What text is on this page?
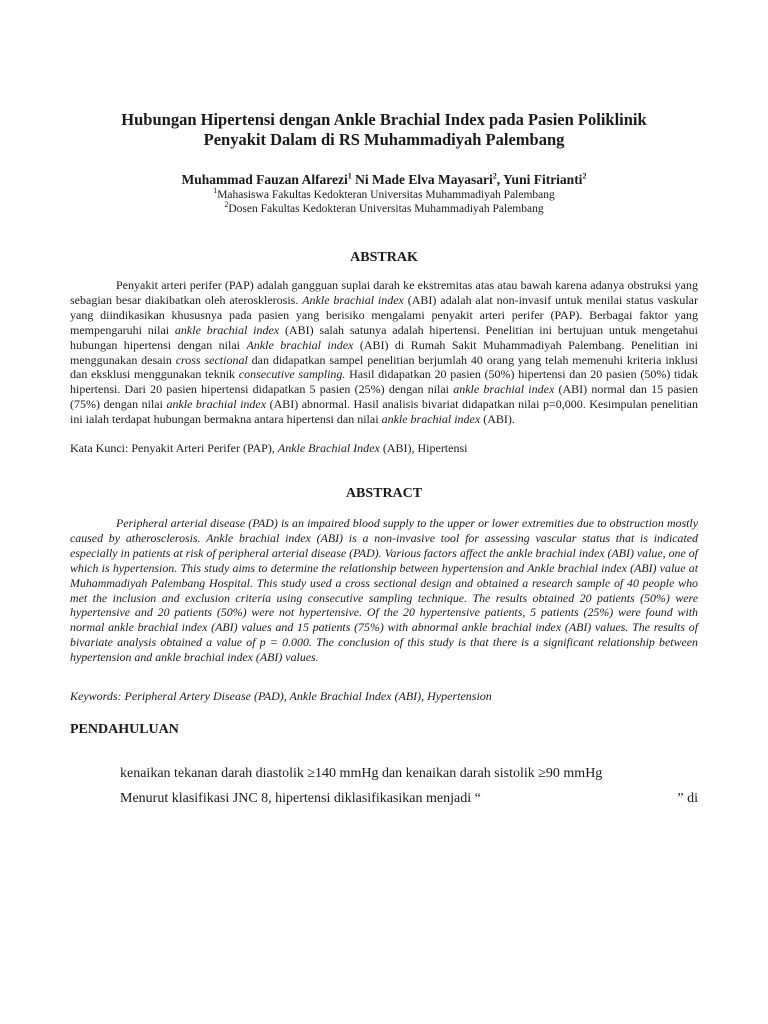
Hubungan Hipertensi dengan Ankle Brachial Index pada Pasien Poliklinik
Penyakit Dalam di RS Muhammadiyah Palembang
Muhammad Fauzan Alfarezi$^1$ Ni Made Elva Mayasari$^2$, Yuni Fitrianti$^2$
$^1$Mahasiswa Fakultas Kedokteran Universitas Muhammadiyah Palembang
$^2$Dosen Fakultas Kedokteran Universitas Muhammadiyah Palembang
ABSTRAK

Penyakit arteri perifer (PAP) adalah gangguan suplai darah ke ekstremitas atas atau bawah karena adanya obstruksi yang sebagian besar diakibatkan oleh aterosklerosis. Ankle brachial index (ABI) adalah alat non-invasif untuk menilai status vaskular yang diindikasikan khususnya pada pasien yang berisiko mengalami penyakit arteri perifer (PAP). Berbagai faktor yang mempengaruhi nilai ankle brachial index (ABI) salah satunya adalah hipertensi. Penelitian ini bertujuan untuk mengetahui hubungan hipertensi dengan nilai Ankle brachial index (ABI) di Rumah Sakit Muhammadiyah Palembang. Penelitian ini menggunakan desain cross sectional dan didapatkan sampel penelitian berjumlah 40 orang yang telah memenuhi kriteria inklusi dan eksklusi menggunakan teknik consecutive sampling. Hasil didapatkan 20 pasien (50%) hipertensi dan 20 pasien (50%) tidak hipertensi. Dari 20 pasien hipertensi didapatkan 5 pasien (25%) dengan nilai ankle brachial index (ABI) normal dan 15 pasien (75%) dengan nilai ankle brachial index (ABI) abnormal. Hasil analisis bivariat didapatkan nilai p=0,000. Kesimpulan penelitian ini ialah terdapat hubungan bermakna antara hipertensi dan nilai ankle brachial index (ABI).

Kata Kunci: Penyakit Arteri Perifer (PAP), Ankle Brachial Index (ABI), Hipertensi

ABSTRACT

Peripheral arterial disease (PAD) is an impaired blood supply to the upper or lower extremities due to obstruction mostly caused by atherosclerosis. Ankle brachial index (ABI) is a non-invasive tool for assessing vascular status that is indicated especially in patients at risk of peripheral arterial disease (PAD). Various factors affect the ankle brachial index (ABI) value, one of which is hypertension. This study aims to determine the relationship between hypertension and Ankle brachial index (ABI) value at Muhammadiyah Palembang Hospital. This study used a cross sectional design and obtained a research sample of 40 people who met the inclusion and exclusion criteria using consecutive sampling technique. The results obtained 20 patients (50%) were hypertensive and 20 patients (50%) were not hypertensive. Of the 20 hypertensive patients, 5 patients (25%) were found with normal ankle brachial index (ABI) values and 15 patients (75%) with abnormal ankle brachial index (ABI) values. The results of bivariate analysis obtained a value of p = 0.000. The conclusion of this study is that there is a significant relationship between hypertension and ankle brachial index (ABI) values.

Keywords: Peripheral Artery Disease (PAD), Ankle Brachial Index (ABI), Hypertension

PENDAHULUAN
kenaikan tekanan darah diastolik ≥140 mmHg dan kenaikan darah sistolik ≥90 mmHg
Menurut klasifikasi JNC 8, hipertensi diklasifikasikan menjadi “	” di
